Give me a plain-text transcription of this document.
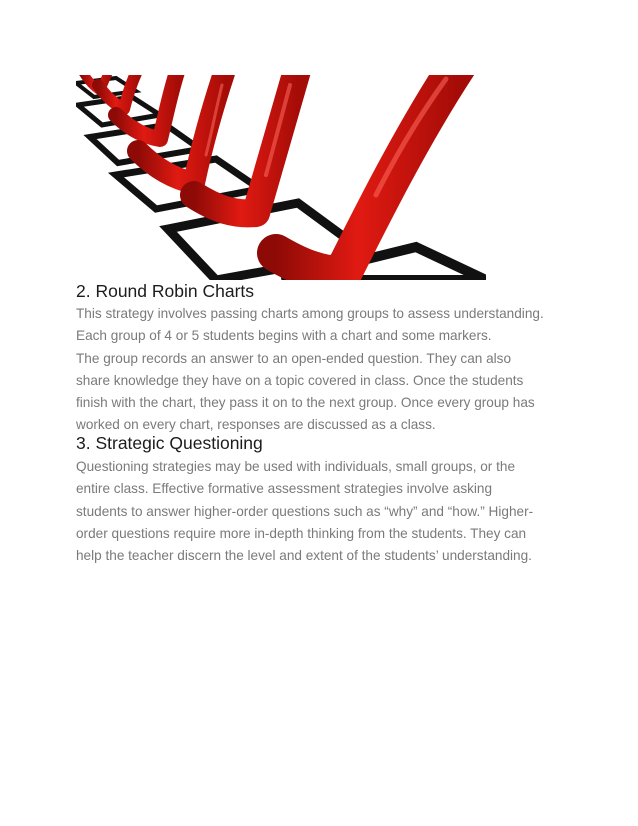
2. Round Robin Charts

This strategy involves passing charts among groups to assess understanding.
Each group of 4 or 5 students begins with a chart and some markers.
The group records an answer to an open-ended question. They can also
share knowledge they have on a topic covered in class. Once the students
finish with the chart, they pass it on to the next group. Once every group has
worked on every chart, responses are discussed as a class.

3. Strategic Questioning

Questioning strategies may be used with individuals, small groups, or the
entire class. Effective formative assessment strategies involve asking
students to answer higher-order questions such as “why” and “how.” Higher-
order questions require more in-depth thinking from the students. They can
help the teacher discern the level and extent of the students’ understanding.
